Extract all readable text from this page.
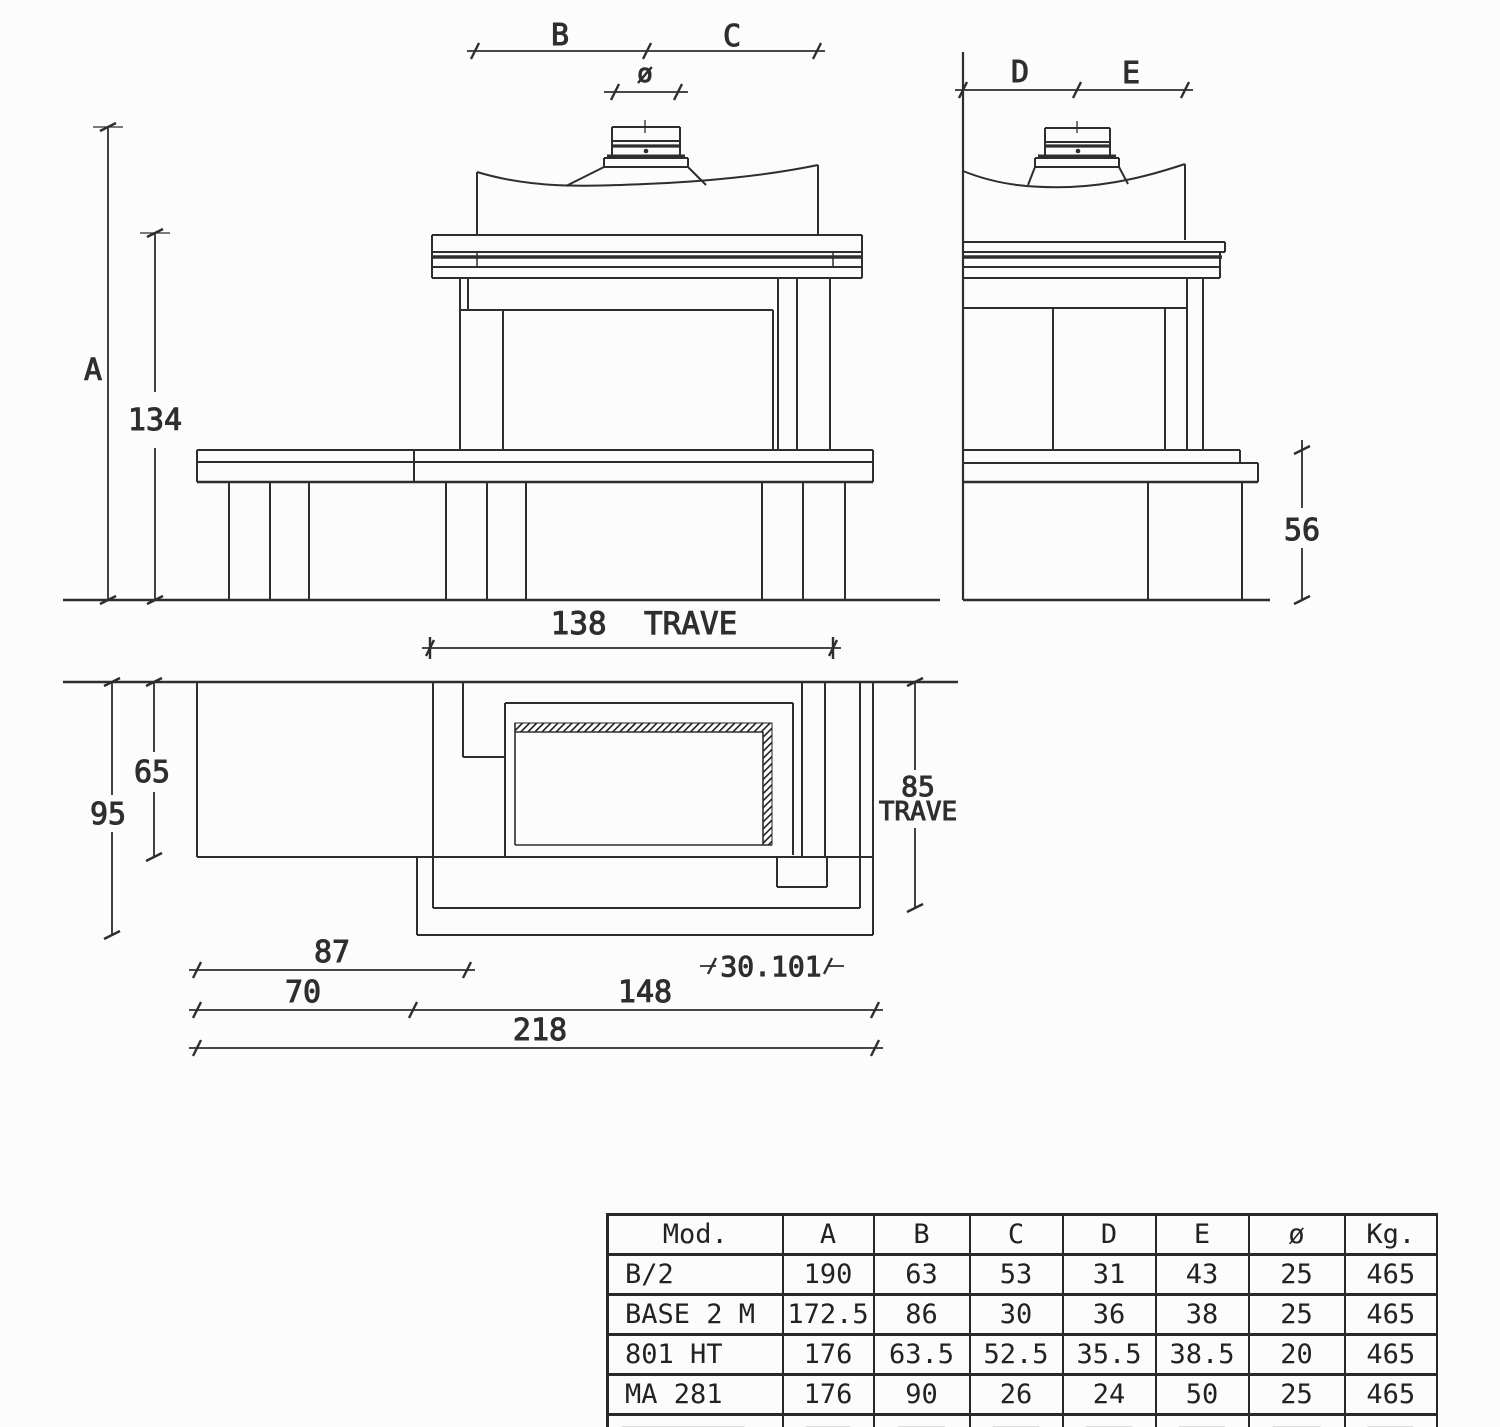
B	C
ø
A
134
138  TRAVE
D	E
56
95
65	85
TRAVE
30.101
87
70	148
218
Mod.	A	B	C	D	E	ø	Kg.
B/2	190	63	53	31	43	25	465
BASE 2 M	172.5	86	30	36	38	25	465
801 HT	176	63.5	52.5	35.5	38.5	20	465
MA 281	176	90	26	24	50	25	465
